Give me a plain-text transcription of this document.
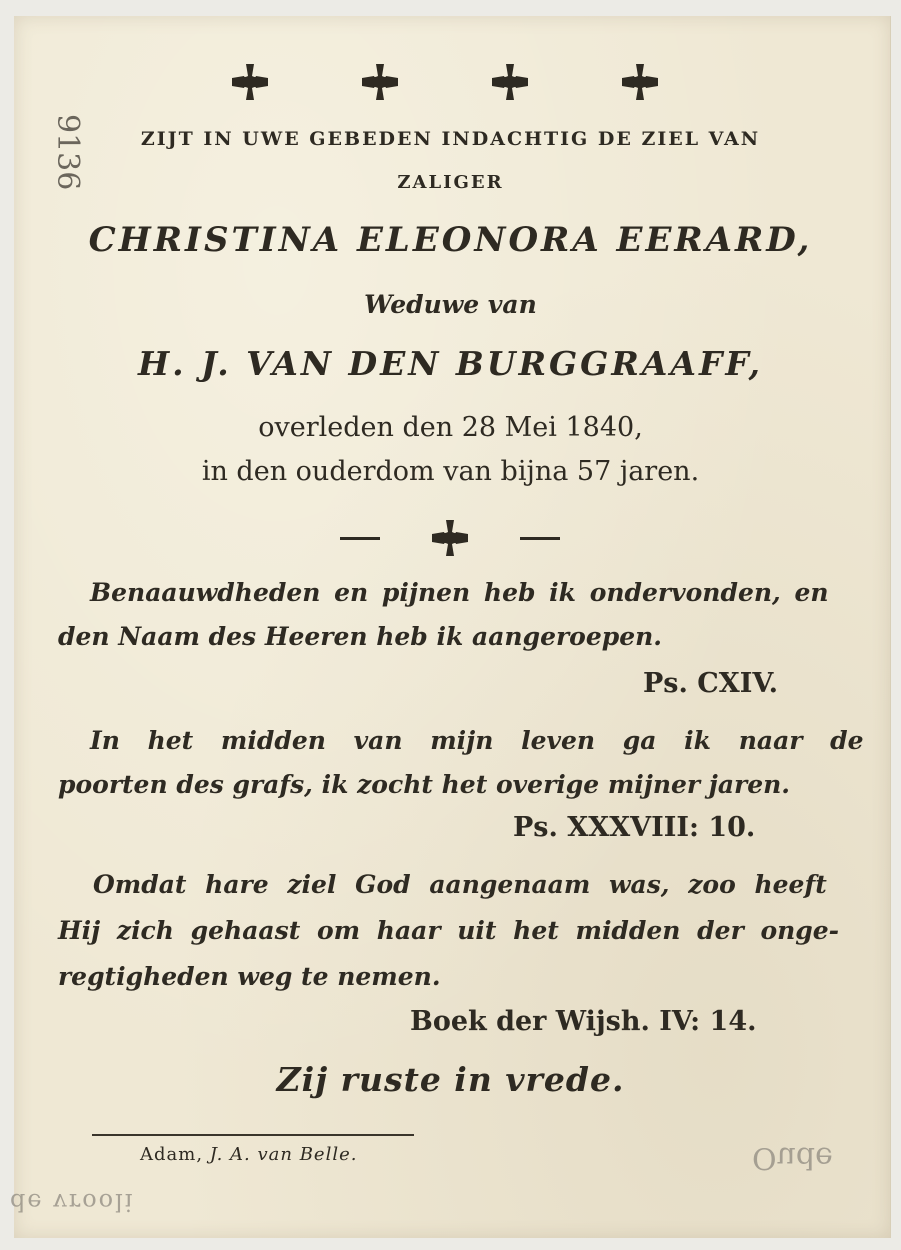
9136	ZIJT IN UWE GEBEDEN INDACHTIG DE ZIEL VAN
ZALIGER
CHRISTINA ELEONORA EERARD,
Weduwe van
H. J. VAN DEN BURGGRAAFF,
overleden den 28 Mei 1840,
in den ouderdom van bijna 57 jaren.
Benaauwdheden en pijnen heb ik ondervonden, en
den Naam des Heeren heb ik aangeroepen.
Ps. CXIV.
In het midden van mijn leven ga ik naar de
poorten des grafs, ik zocht het overige mijner jaren.
Ps. XXXVIII: 10.
Omdat hare ziel God aangenaam was, zoo heeft
Hij zich gehaast om haar uit het midden der onge-
regtigheden weg te nemen.
Boek der Wijsh. IV: 14.
Zij ruste in vrede.
Adam, J. A. van Belle.
de vrooli
Oude
